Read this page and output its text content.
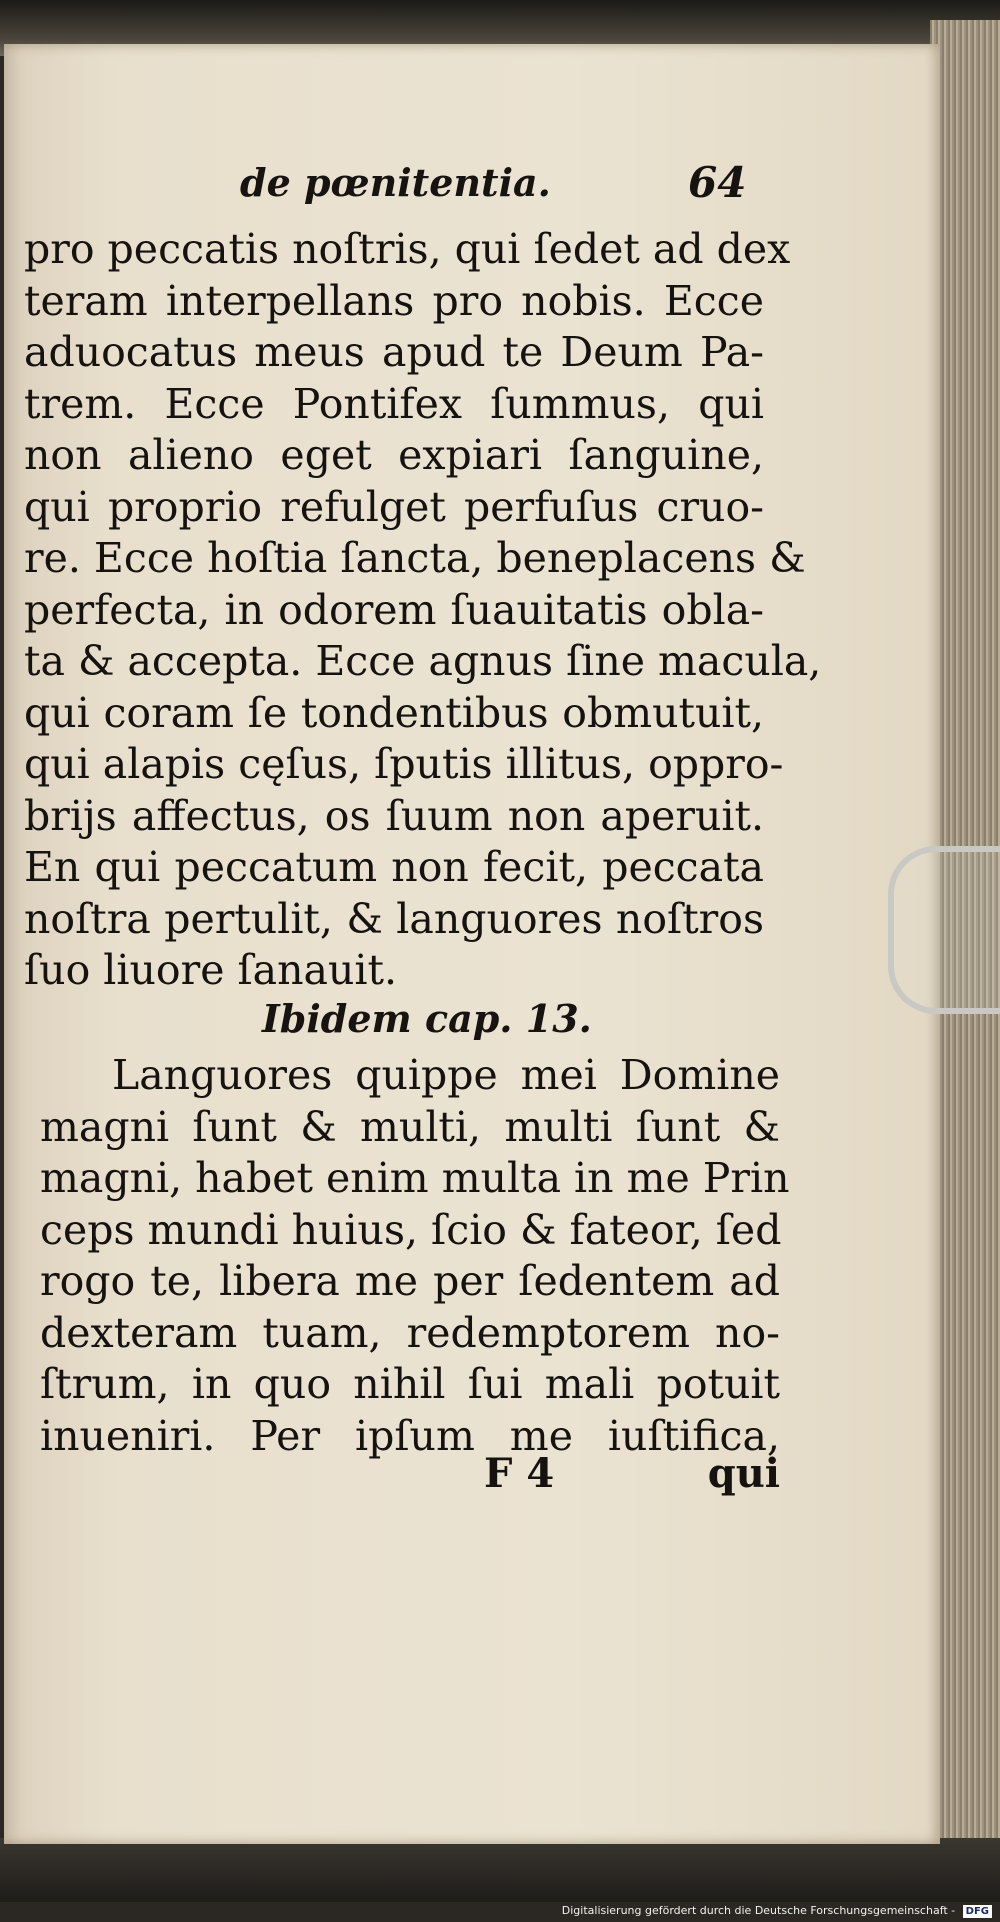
de pœnitentia.	64
pro peccatis noſtris, qui ſedet ad dex
teram interpellans pro nobis. Ecce
aduocatus meus apud te Deum Pa-
trem. Ecce Pontifex ſummus, qui
non alieno eget expiari ſanguine,
qui proprio refulget perfuſus cruo-
re. Ecce hoſtia ſancta, beneplacens &
perfecta, in odorem ſuauitatis obla-
ta & accepta. Ecce agnus ſine macula,
qui coram ſe tondentibus obmutuit,
qui alapis cęſus, ſputis illitus, oppro-
brijs affectus, os ſuum non aperuit.
En qui peccatum non fecit, peccata
noſtra pertulit, & languores noſtros
ſuo liuore ſanauit.
Ibidem cap. 13.
Languores quippe mei Domine
magni ſunt & multi, multi ſunt &
magni, habet enim multa in me Prin
ceps mundi huius, ſcio & fateor, ſed
rogo te, libera me per ſedentem ad
dexteram tuam, redemptorem no-
ſtrum, in quo nihil ſui mali potuit
inueniri. Per ipſum me iuſtifica,
F 4	qui
Digitalisierung gefördert durch die Deutsche Forschungsgemeinschaft - DFG
